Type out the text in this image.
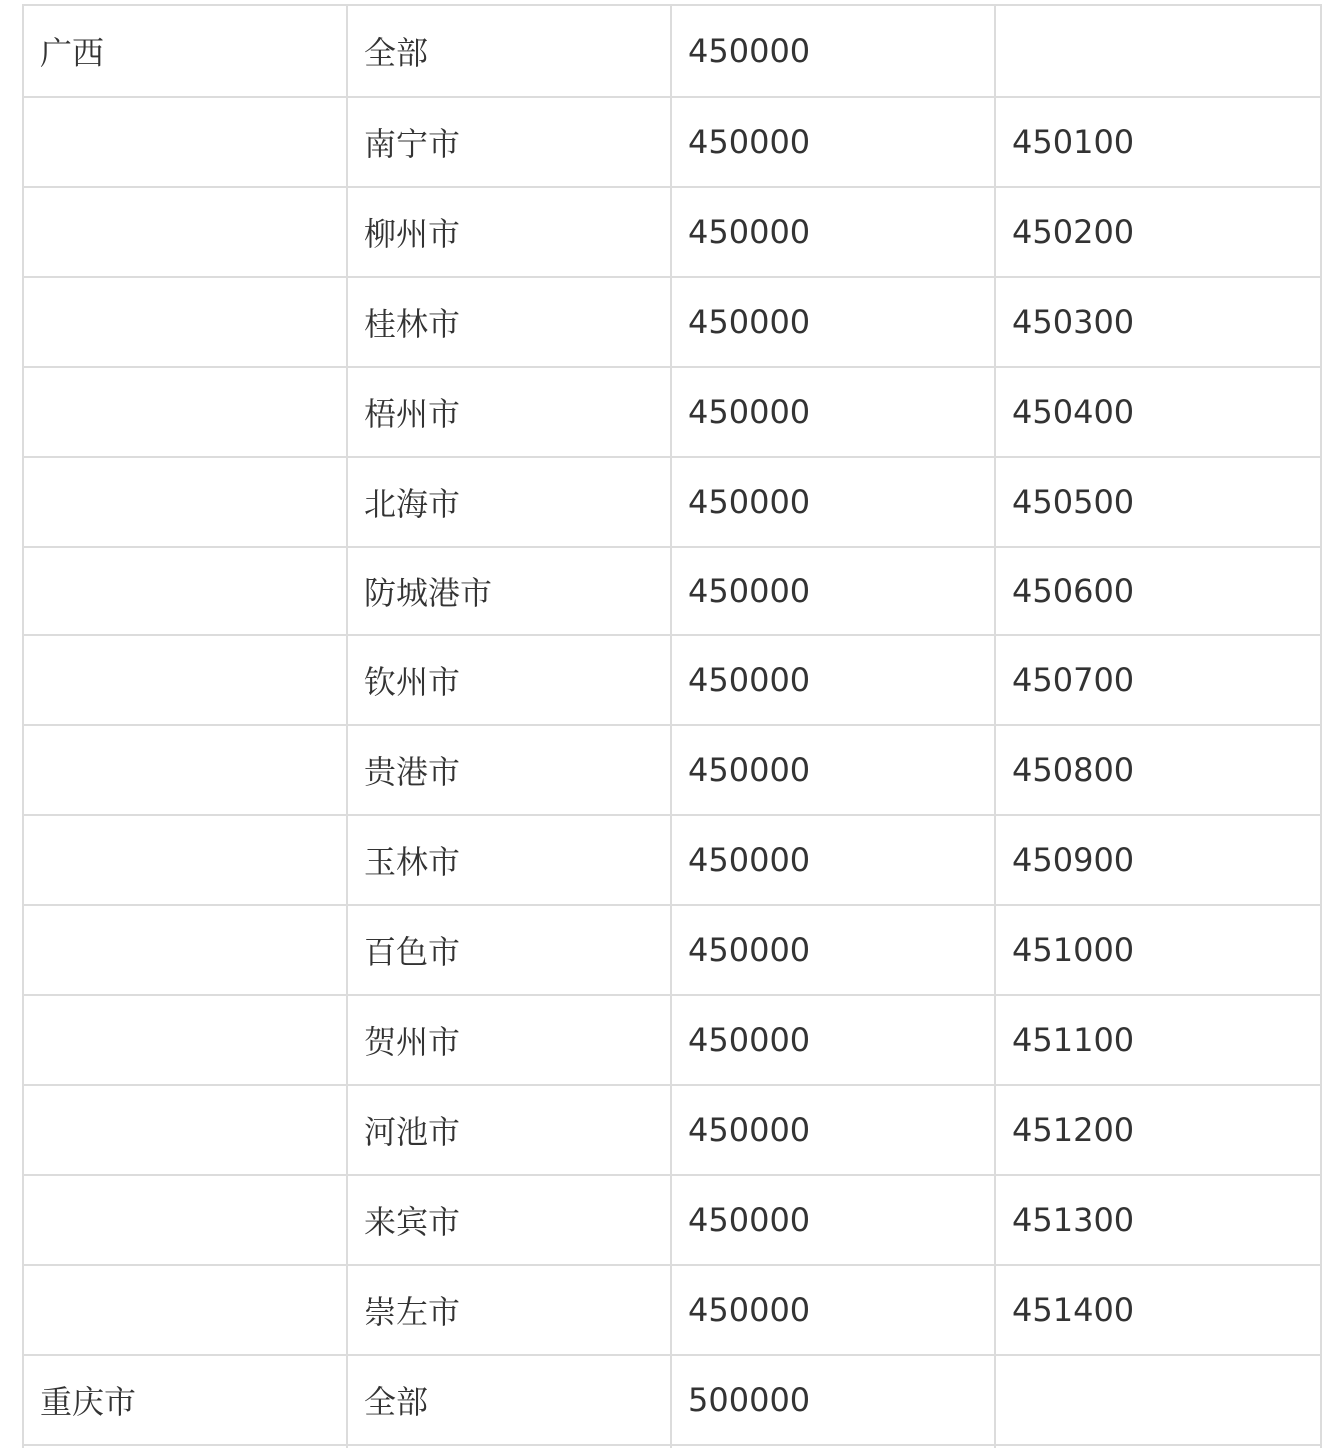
广西	全部	450000	
	南宁市	450000	450100
	柳州市	450000	450200
	桂林市	450000	450300
	梧州市	450000	450400
	北海市	450000	450500
	防城港市	450000	450600
	钦州市	450000	450700
	贵港市	450000	450800
	玉林市	450000	450900
	百色市	450000	451000
	贺州市	450000	451100
	河池市	450000	451200
	来宾市	450000	451300
	崇左市	450000	451400
重庆市	全部	500000	
